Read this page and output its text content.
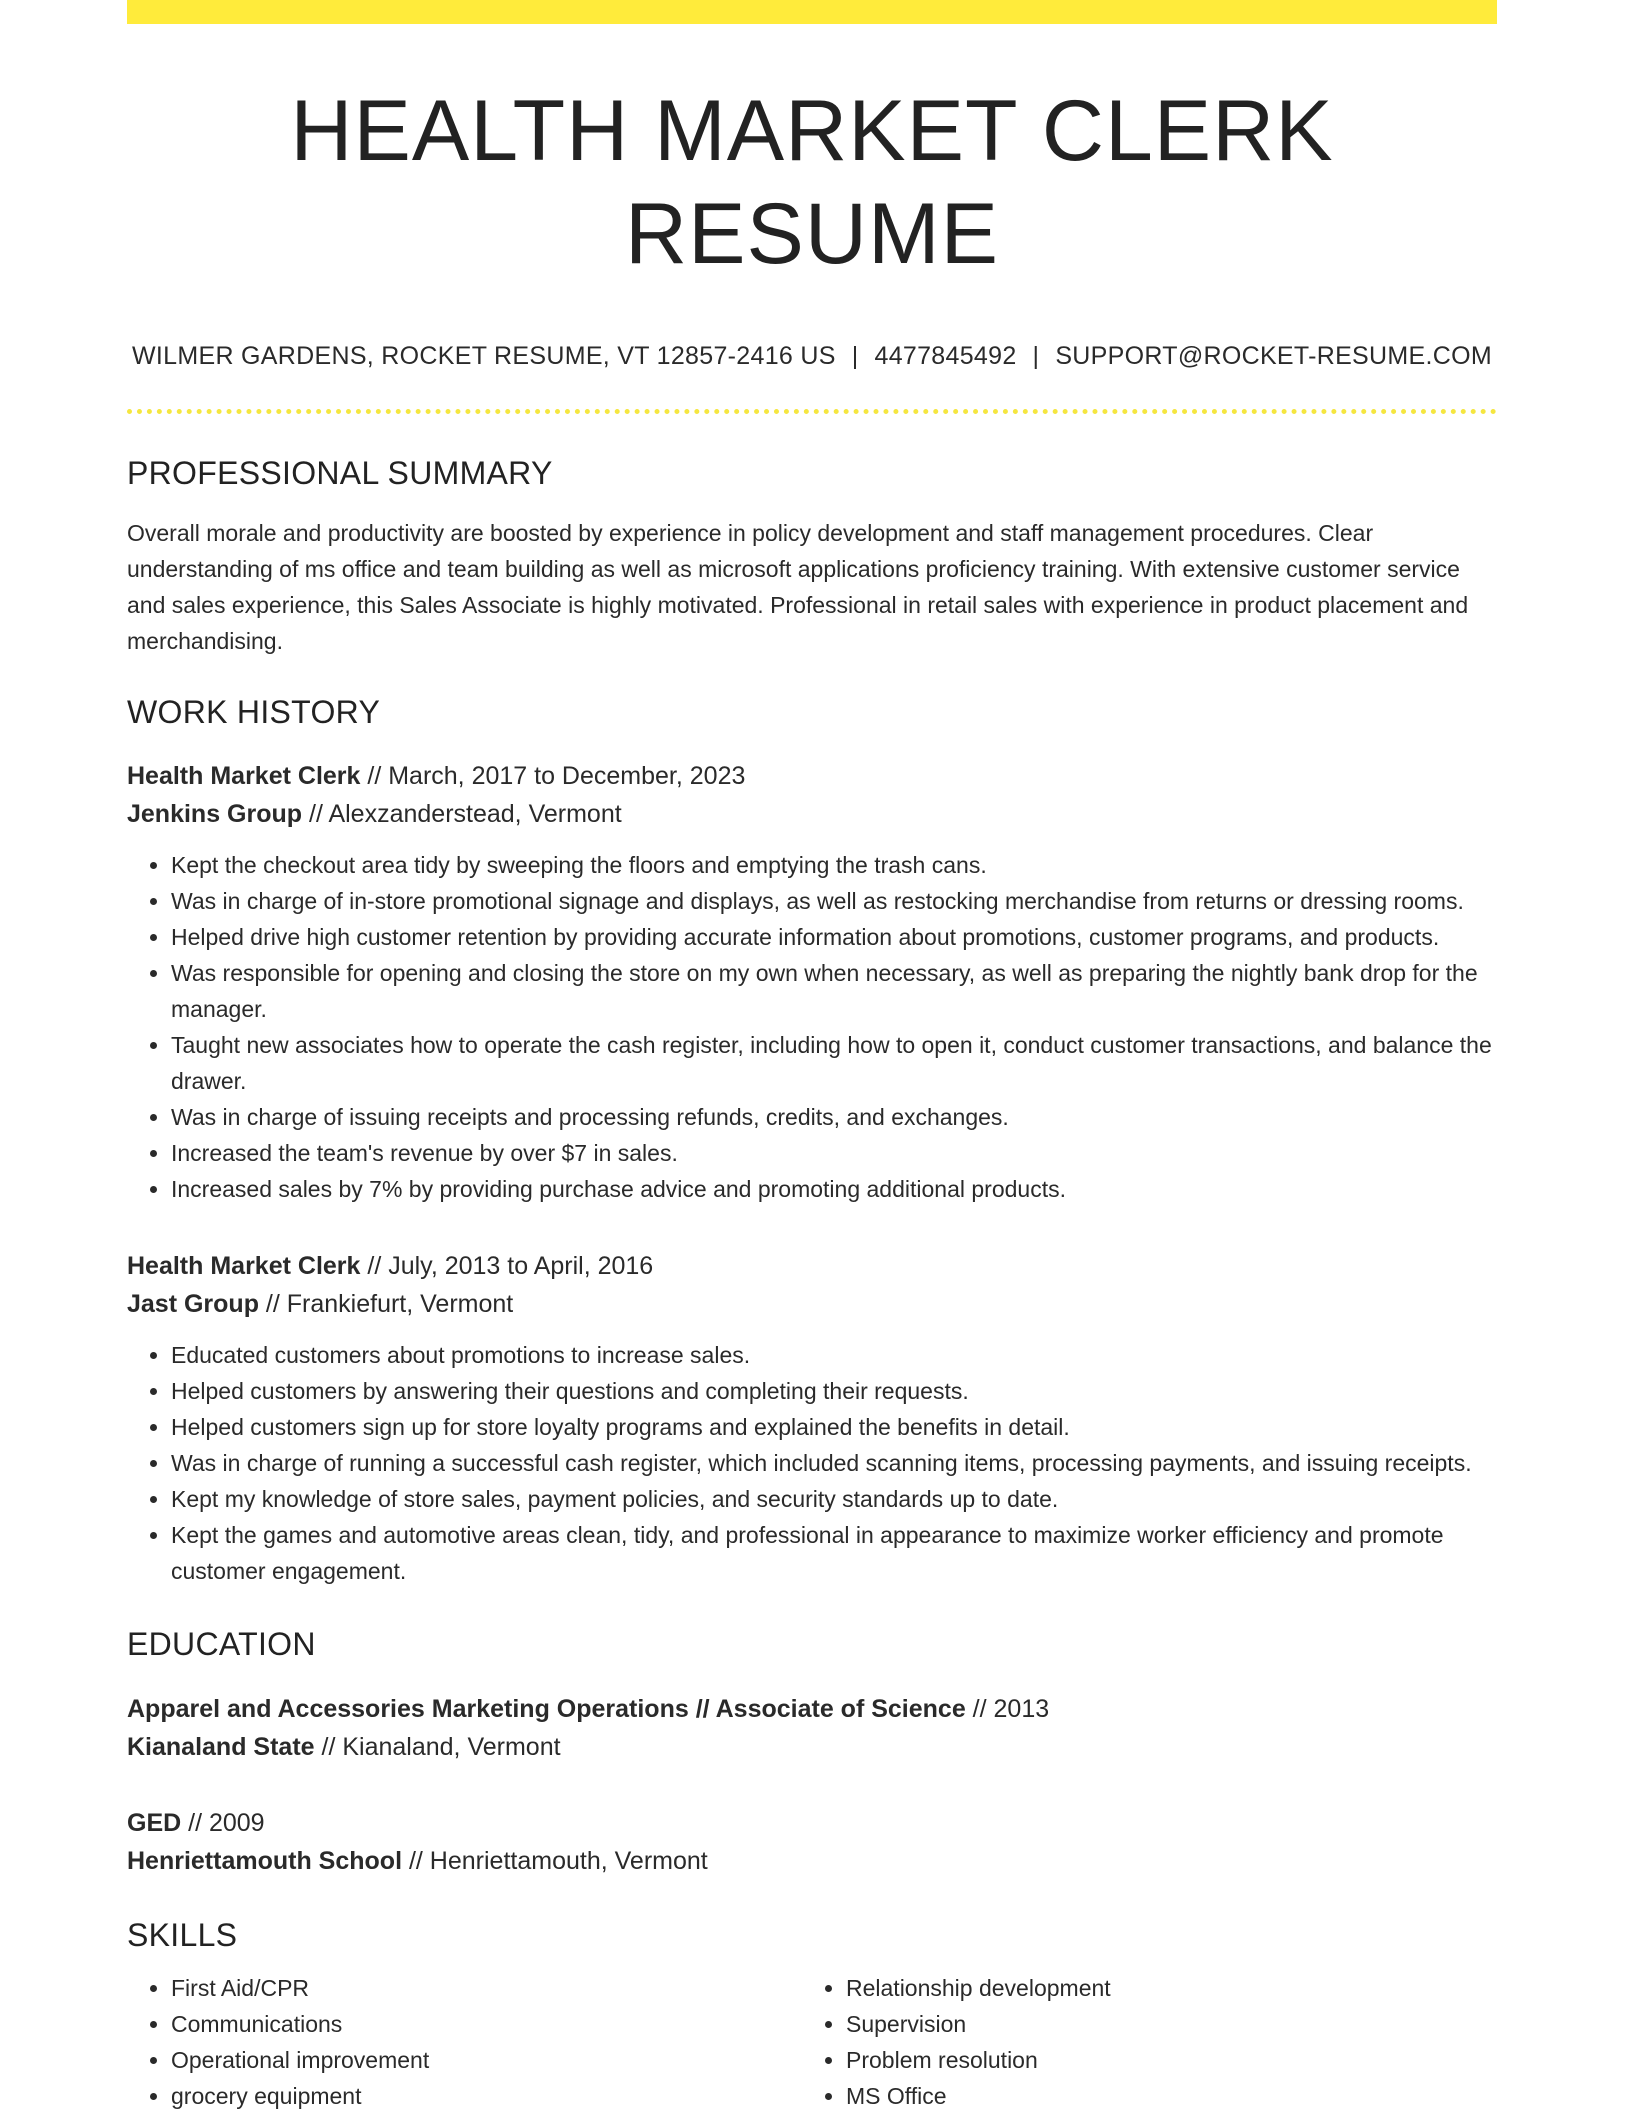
HEALTH MARKET CLERK RESUME
WILMER GARDENS, ROCKET RESUME, VT 12857-2416 US | 4477845492 | SUPPORT@ROCKET-RESUME.COM
PROFESSIONAL SUMMARY

Overall morale and productivity are boosted by experience in policy development and staff management procedures. Clear understanding of ms office and team building as well as microsoft applications proficiency training. With extensive customer service and sales experience, this Sales Associate is highly motivated. Professional in retail sales with experience in product placement and merchandising.

WORK HISTORY
Health Market Clerk // March, 2017 to December, 2023
Jenkins Group // Alexzanderstead, Vermont
• Kept the checkout area tidy by sweeping the floors and emptying the trash cans.
• Was in charge of in-store promotional signage and displays, as well as restocking merchandise from returns or dressing rooms.
• Helped drive high customer retention by providing accurate information about promotions, customer programs, and products.
• Was responsible for opening and closing the store on my own when necessary, as well as preparing the nightly bank drop for the manager.
• Taught new associates how to operate the cash register, including how to open it, conduct customer transactions, and balance the drawer.
• Was in charge of issuing receipts and processing refunds, credits, and exchanges.
• Increased the team's revenue by over $7 in sales.
• Increased sales by 7% by providing purchase advice and promoting additional products.
Health Market Clerk // July, 2013 to April, 2016
Jast Group // Frankiefurt, Vermont
• Educated customers about promotions to increase sales.
• Helped customers by answering their questions and completing their requests.
• Helped customers sign up for store loyalty programs and explained the benefits in detail.
• Was in charge of running a successful cash register, which included scanning items, processing payments, and issuing receipts.
• Kept my knowledge of store sales, payment policies, and security standards up to date.
• Kept the games and automotive areas clean, tidy, and professional in appearance to maximize worker efficiency and promote customer engagement.
EDUCATION
Apparel and Accessories Marketing Operations // Associate of Science // 2013
Kianaland State // Kianaland, Vermont
GED // 2009
Henriettamouth School // Henriettamouth, Vermont
SKILLS
• First Aid/CPR
• Communications
• Operational improvement
• grocery equipment
• Relationship development
• Supervision
• Problem resolution
• MS Office
